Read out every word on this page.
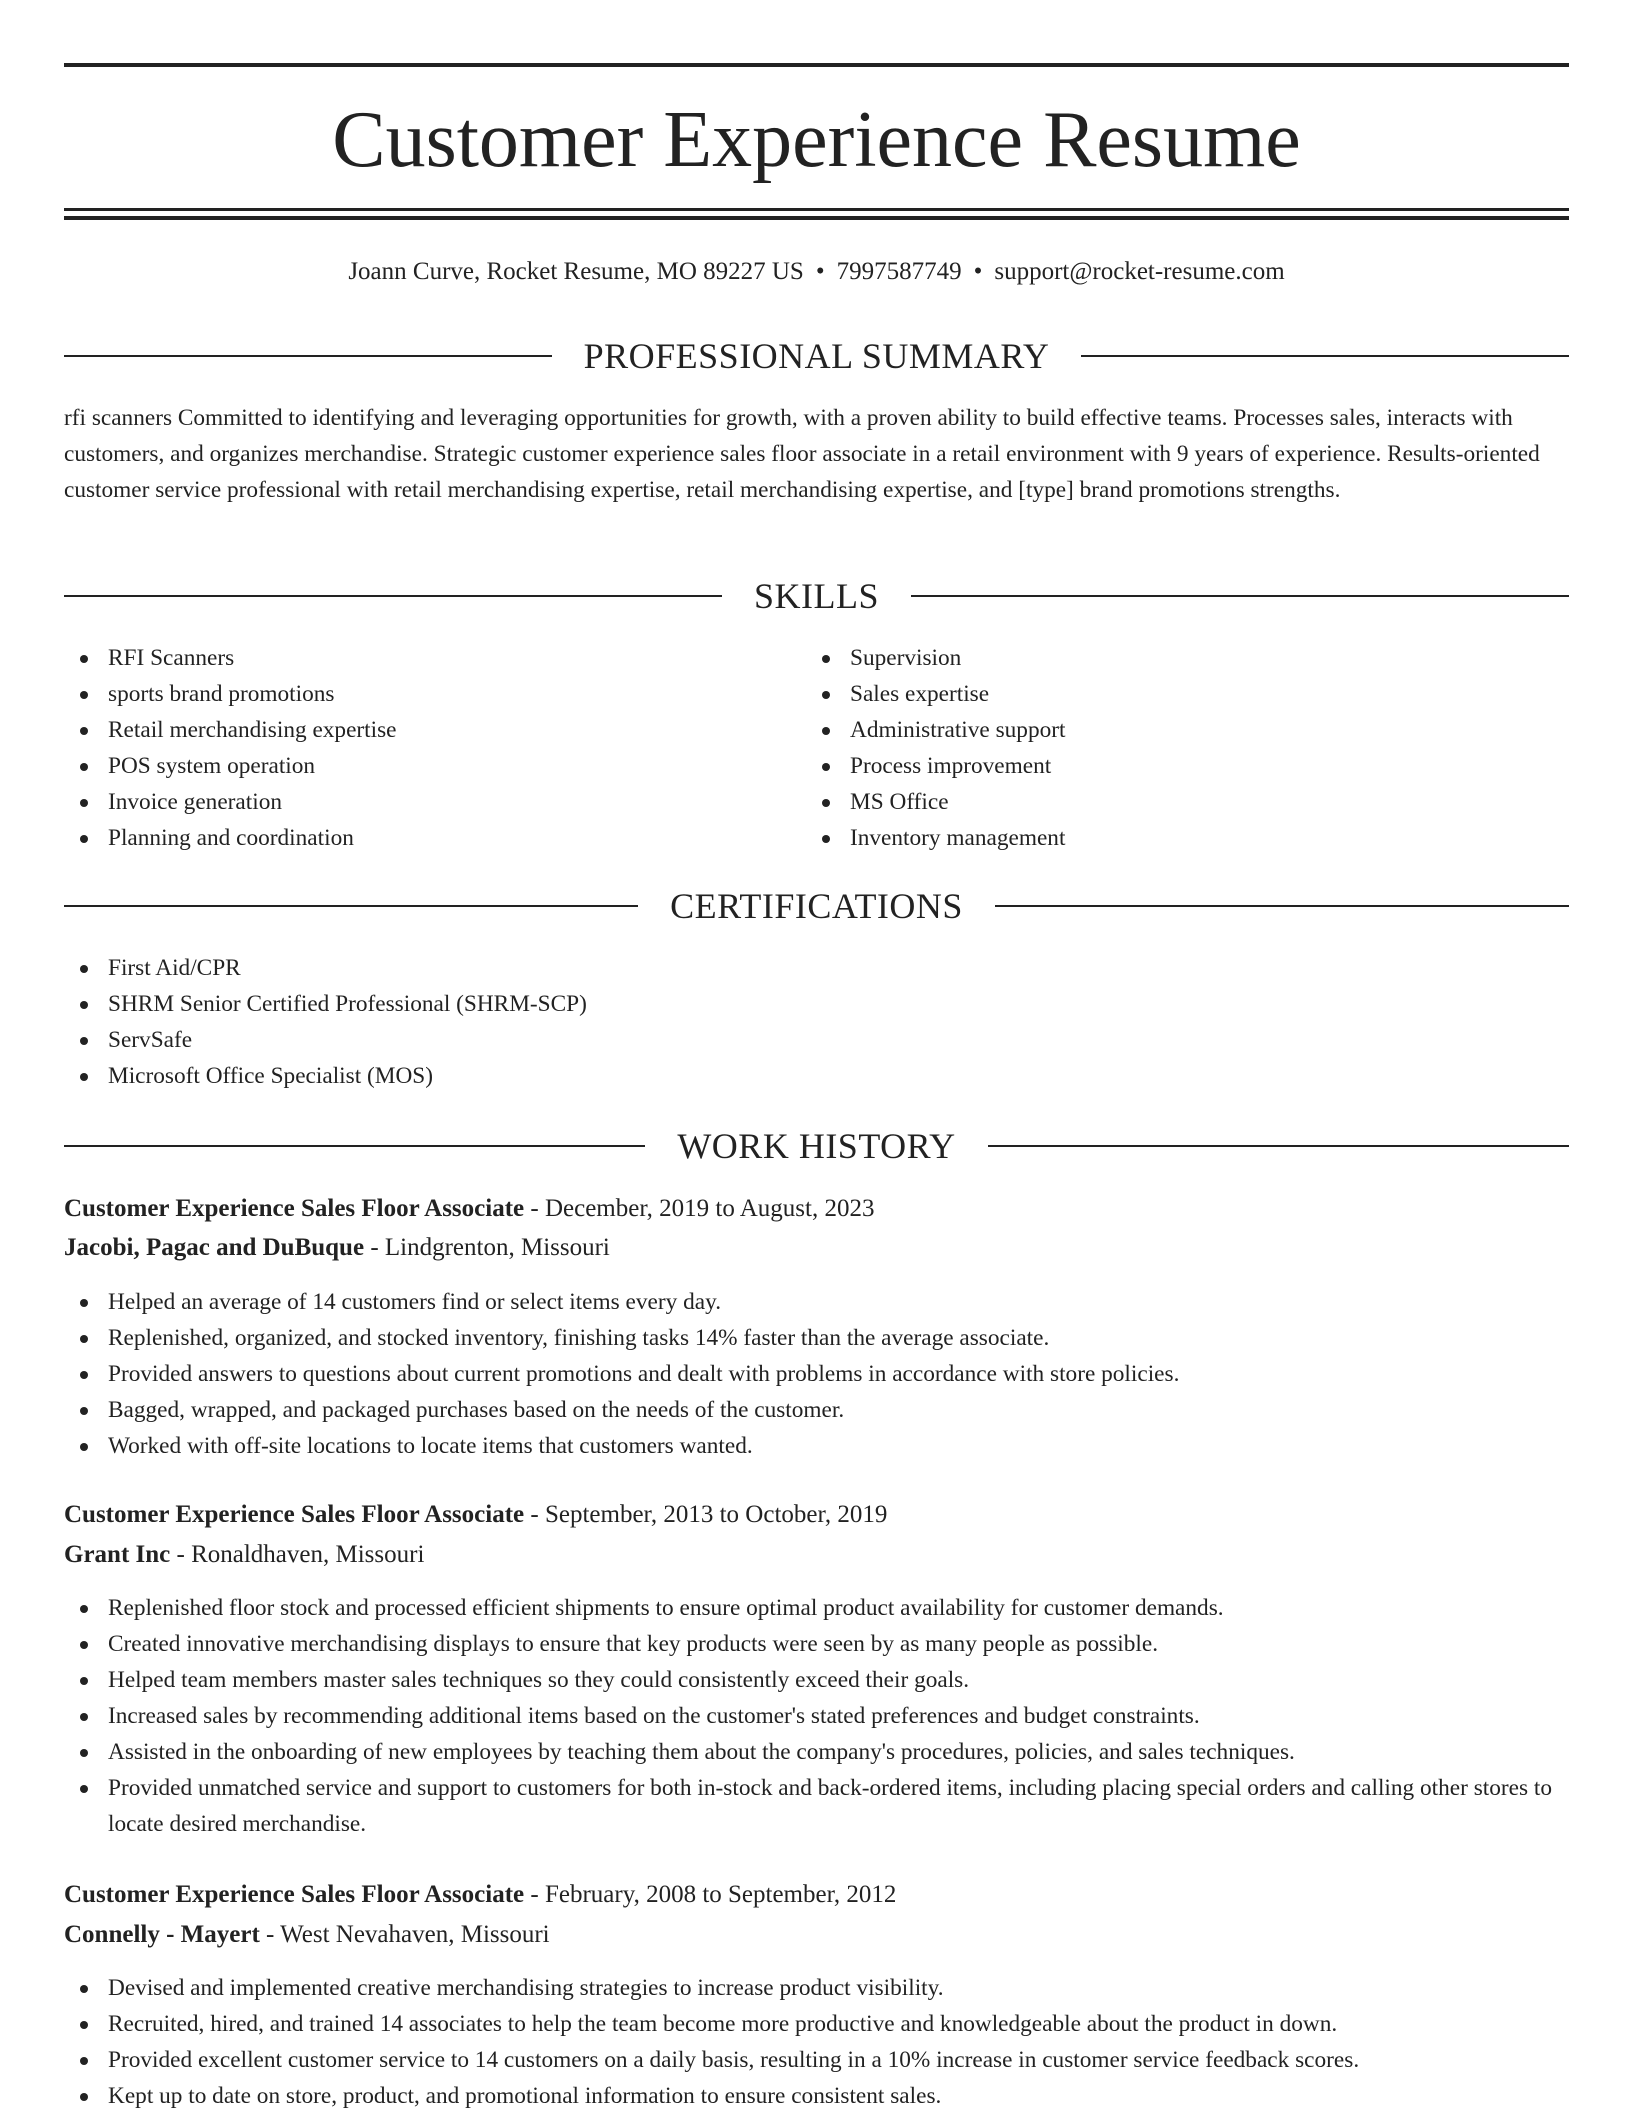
Customer Experience Resume
Joann Curve, Rocket Resume, MO 89227 US • 7997587749 • support@rocket-resume.com
PROFESSIONAL SUMMARY

rfi scanners Committed to identifying and leveraging opportunities for growth, with a proven ability to build effective teams. Processes sales, interacts with customers, and organizes merchandise. Strategic customer experience sales floor associate in a retail environment with 9 years of experience. Results-oriented customer service professional with retail merchandising expertise, retail merchandising expertise, and [type] brand promotions strengths.

SKILLS
RFI Scanners
sports brand promotions
Retail merchandising expertise
POS system operation
Invoice generation
Planning and coordination
Supervision
Sales expertise
Administrative support
Process improvement
MS Office
Inventory management
CERTIFICATIONS
First Aid/CPR
SHRM Senior Certified Professional (SHRM-SCP)
ServSafe
Microsoft Office Specialist (MOS)
WORK HISTORY
Customer Experience Sales Floor Associate - December, 2019 to August, 2023
Jacobi, Pagac and DuBuque - Lindgrenton, Missouri
Helped an average of 14 customers find or select items every day.
Replenished, organized, and stocked inventory, finishing tasks 14% faster than the average associate.
Provided answers to questions about current promotions and dealt with problems in accordance with store policies.
Bagged, wrapped, and packaged purchases based on the needs of the customer.
Worked with off-site locations to locate items that customers wanted.
Customer Experience Sales Floor Associate - September, 2013 to October, 2019
Grant Inc - Ronaldhaven, Missouri
Replenished floor stock and processed efficient shipments to ensure optimal product availability for customer demands.
Created innovative merchandising displays to ensure that key products were seen by as many people as possible.
Helped team members master sales techniques so they could consistently exceed their goals.
Increased sales by recommending additional items based on the customer's stated preferences and budget constraints.
Assisted in the onboarding of new employees by teaching them about the company's procedures, policies, and sales techniques.
Provided unmatched service and support to customers for both in-stock and back-ordered items, including placing special orders and calling other stores to locate desired merchandise.
Customer Experience Sales Floor Associate - February, 2008 to September, 2012
Connelly - Mayert - West Nevahaven, Missouri
Devised and implemented creative merchandising strategies to increase product visibility.
Recruited, hired, and trained 14 associates to help the team become more productive and knowledgeable about the product in down.
Provided excellent customer service to 14 customers on a daily basis, resulting in a 10% increase in customer service feedback scores.
Kept up to date on store, product, and promotional information to ensure consistent sales.
